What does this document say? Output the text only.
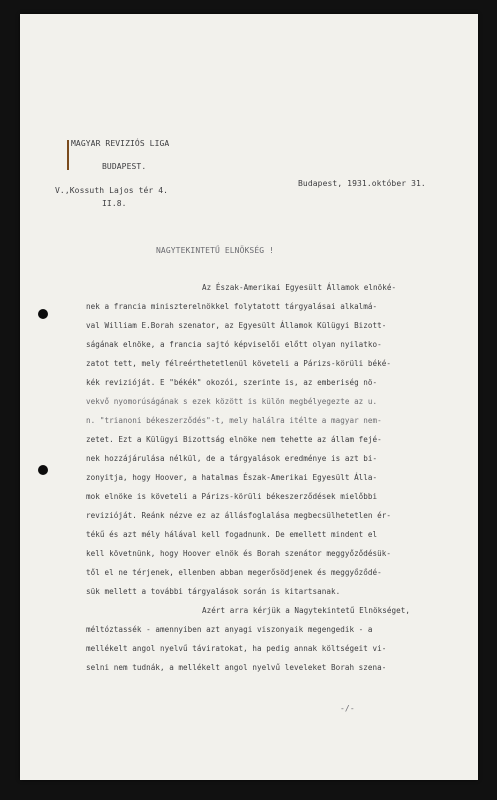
MAGYAR REVIZIÓS LIGA
BUDAPEST.
V.,Kossuth Lajos tér 4.
II.8.
Budapest, 1931.október 31.
NAGYTEKINTETŰ ELNÖKSÉG !
Az Észak-Amerikai Egyesült Államok elnöké-
nek a francia miniszterelnökkel folytatott tárgyalásai alkalmá-
val William E.Borah szenator, az Egyesült Államok Külügyi Bizott-
ságának elnöke, a francia sajtó képviselői előtt olyan nyilatko-
zatot tett, mely félreérthetetlenül követeli a Párizs-körüli béké-
kék revizióját. E "békék" okozói, szerinte is, az emberiség nö-
vekvő nyomorúságának s ezek között is külön megbélyegezte az u.
n. "trianoni békeszerződés"-t, mely halálra itélte a magyar nem-
zetet. Ezt a Külügyi Bizottság elnöke nem tehette az állam fejé-
nek hozzájárulása nélkül, de a tárgyalások eredménye is azt bi-
zonyitja, hogy Hoover, a hatalmas Észak-Amerikai Egyesült Álla-
mok elnöke is követeli a Párizs-körüli békeszerződések mielőbbi
revizióját. Reánk nézve ez az állásfoglalása megbecsülhetetlen ér-
tékű és azt mély hálával kell fogadnunk. De emellett mindent el
kell követnünk, hogy Hoover elnök és Borah szenátor meggyőződésük-
től el ne térjenek, ellenben abban megerősödjenek és meggyőződé-
sük mellett a további tárgyalások során is kitartsanak.
Azért arra kérjük a Nagytekintetű Elnökséget,
méltóztassék - amennyiben azt anyagi viszonyaik megengedik - a
mellékelt angol nyelvű táviratokat, ha pedig annak költségeit vi-
selni nem tudnák, a mellékelt angol nyelvű leveleket Borah szena-
-/-
